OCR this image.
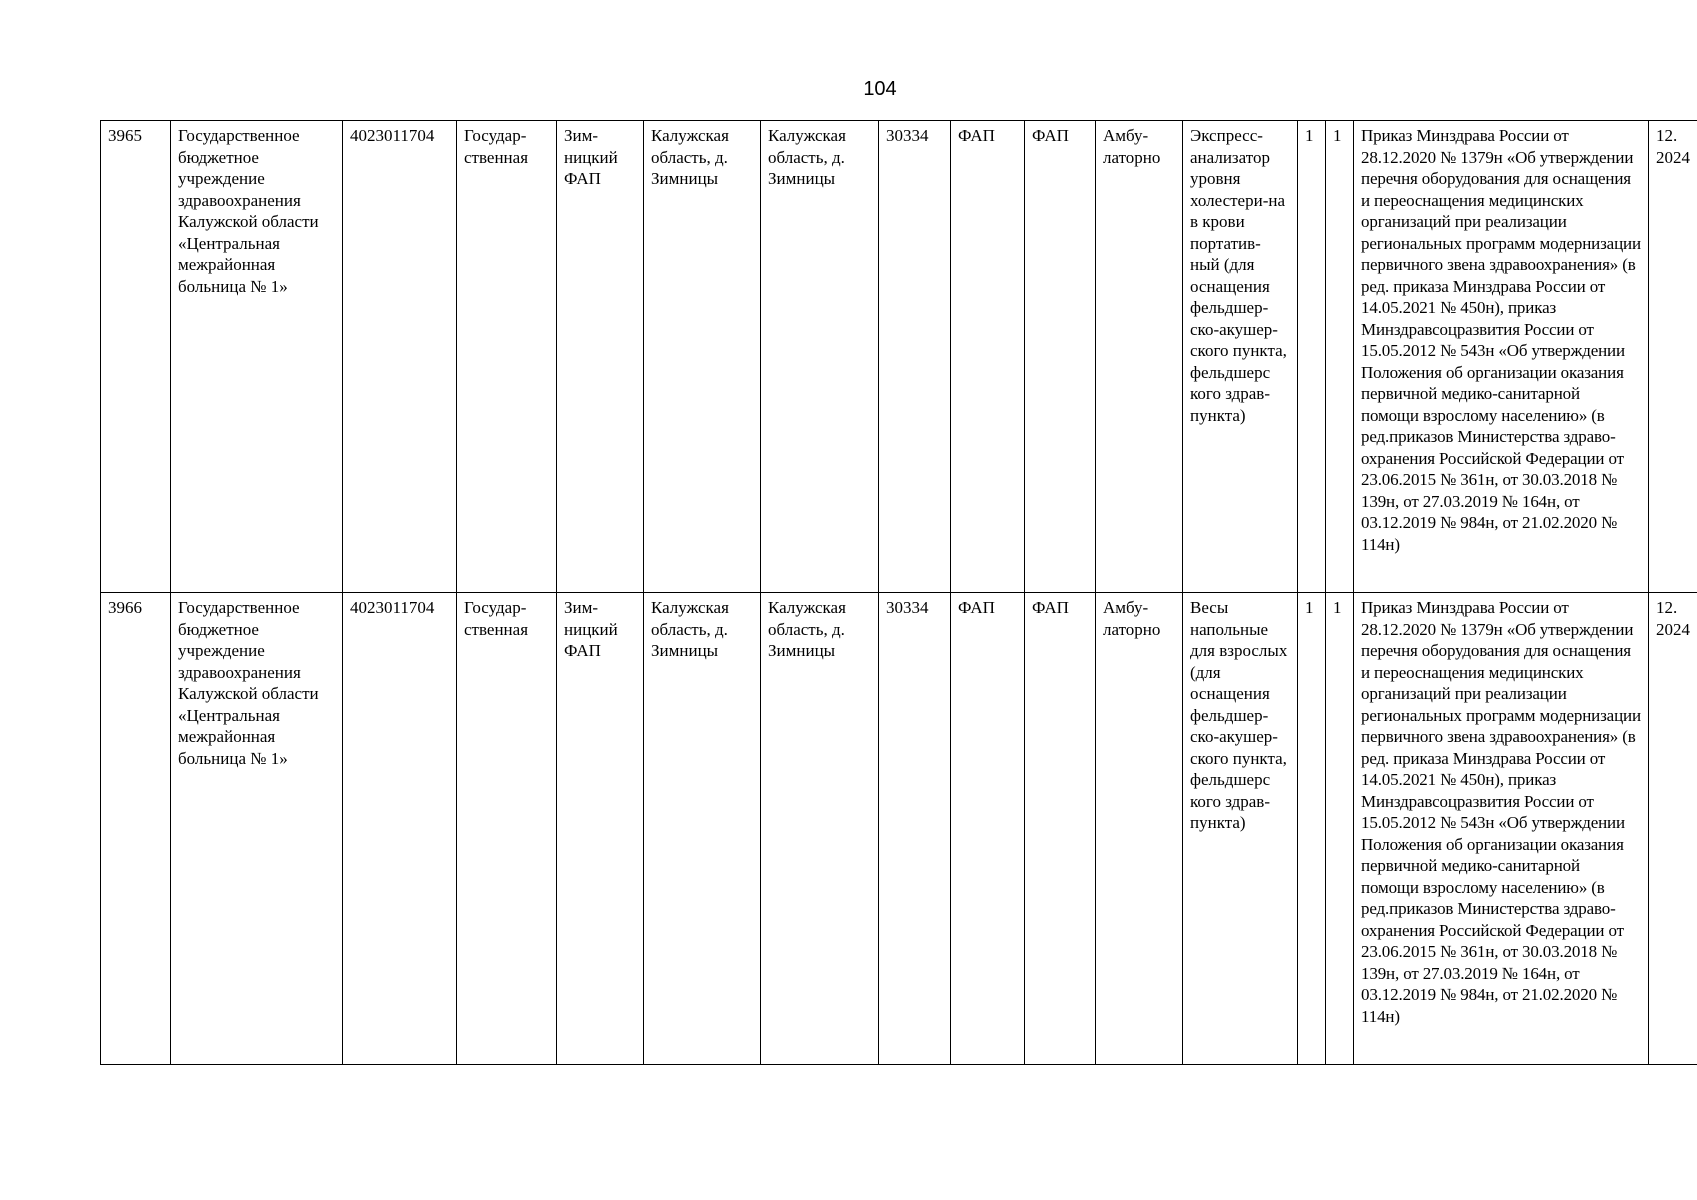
104
3965	Государственное бюджетное учреждение здравоохранения Калужской области «Центральная межрайонная больница № 1»	4023011704	Государ-ственная	Зим-ницкий ФАП	Калужская область, д. Зимницы	Калужская область, д. Зимницы	30334	ФАП	ФАП	Амбу-латорно	Экспресс-анализатор уровня холестери-на в крови портатив-ный (для оснащения фельдшер-ско-акушер-ского пункта, фельдшерс кого здрав-пункта)	1	1	Приказ Минздрава России от 28.12.2020 № 1379н «Об утверждении перечня оборудования для оснащения и переоснащения медицинских организаций при реализации региональных программ модернизации первичного звена здравоохранения» (в ред. приказа Минздрава России от 14.05.2021 № 450н), приказ Минздравсоцразвития России от 15.05.2012 № 543н «Об утверждении Положения об организации оказания первичной медико-санитарной помощи взрослому населению» (в ред.приказов Министерства здраво-охранения Российской Федерации от 23.06.2015 № 361н, от 30.03.2018 № 139н, от 27.03.2019 № 164н, от 03.12.2019 № 984н, от 21.02.2020 № 114н)	12. 2024
3966	Государственное бюджетное учреждение здравоохранения Калужской области «Центральная межрайонная больница № 1»	4023011704	Государ-ственная	Зим-ницкий ФАП	Калужская область, д. Зимницы	Калужская область, д. Зимницы	30334	ФАП	ФАП	Амбу-латорно	Весы напольные для взрослых (для оснащения фельдшер-ско-акушер-ского пункта, фельдшерс кого здрав-пункта)	1	1	Приказ Минздрава России от 28.12.2020 № 1379н «Об утверждении перечня оборудования для оснащения и переоснащения медицинских организаций при реализации региональных программ модернизации первичного звена здравоохранения» (в ред. приказа Минздрава России от 14.05.2021 № 450н), приказ Минздравсоцразвития России от 15.05.2012 № 543н «Об утверждении Положения об организации оказания первичной медико-санитарной помощи взрослому населению» (в ред.приказов Министерства здраво-охранения Российской Федерации от 23.06.2015 № 361н, от 30.03.2018 № 139н, от 27.03.2019 № 164н, от 03.12.2019 № 984н, от 21.02.2020 № 114н)	12. 2024
